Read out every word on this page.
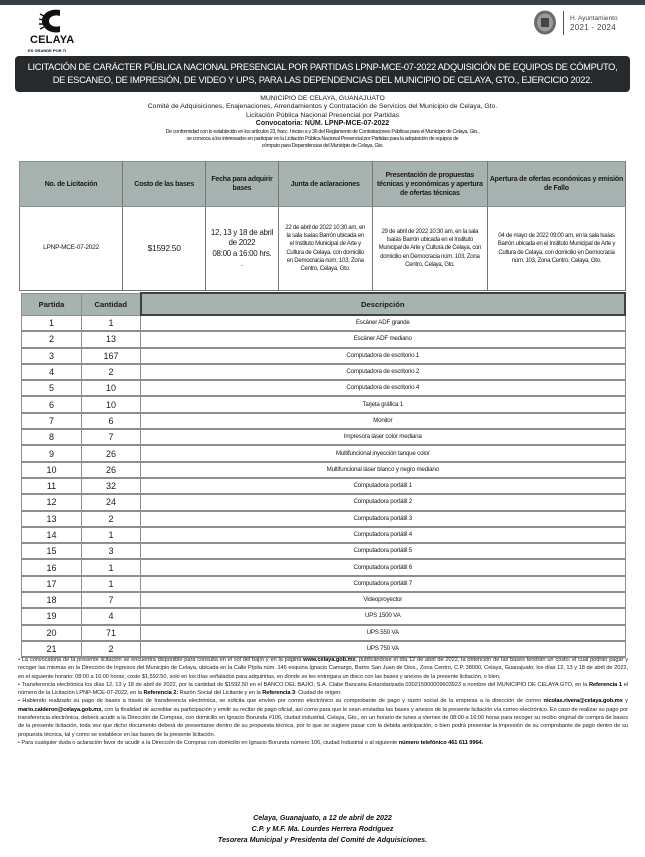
CELAYA
ES GRANDE POR TI
H. Ayuntamiento
2021 - 2024
LICITACIÓN DE CARÁCTER PÚBLICA NACIONAL PRESENCIAL POR PARTIDAS LPNP-MCE-07-2022 ADQUISICIÓN DE EQUIPOS DE CÓMPUTO,
DE ESCANEO, DE IMPRESIÓN, DE VIDEO Y UPS, PARA LAS DEPENDENCIAS DEL MUNICIPIO DE CELAYA, GTO., EJERCICIO 2022.
MUNICIPIO DE CELAYA, GUANAJUATO
Comité de Adquisiciones, Enajenaciones, Arrendamientos y Contratación de Servicios del Municipio de Celaya, Gto.
Licitación Pública Nacional Presencial por Partidas
Convocatoria: NÚM. LPNP-MCE-07-2022
De conformidad con lo establecido en los artículos 23, fracc. I inciso a y 36 del Reglamento de Contrataciones Públicas para el Municipio de Celaya, Gto.,
se convoca a los interesados en participar en la Licitación Pública Nacional Presencial por Partidas para la adquisición de equipos de
cómputo para Dependencias del Municipio de Celaya, Gto.
No. de Licitación	Costo de las bases	Fecha para adquirir bases	Junta de aclaraciones	Presentación de propuestas técnicas y económicas y apertura de ofertas técnicas	Apertura de ofertas económicas y emisión de Fallo
LPNP-MCE-07-2022	$1592.50	12, 13 y 18 de abril
de 2022
08:00 a 16:00 hrs.
.	22 de abril de 2022 10:30 am, en la sala Isaías Barrón ubicada en el Instituto Municipal de Arte y Cultura de Celaya, con domicilio en Democracia núm. 103, Zona Centro, Celaya, Gto.	29 de abril de 2022 10:30 am, en la sala Isaías Barrón ubicada en el Instituto Municipal de Arte y Cultura de Celaya, con domicilio en Democracia núm. 103, Zona Centro, Celaya, Gto.	04 de mayo de 2022 09:00 am, en la sala Isaías Barrón ubicada en el Instituto Municipal de Arte y Cultura de Celaya, con domicilio en Democracia núm. 103, Zona Centro, Celaya, Gto.
Partida	Cantidad	Descripción
1	1	Escáner ADF grande
2	13	Escáner ADF mediano
3	167	Computadora de escritorio 1
4	2	Computadora de escritorio 2
5	10	Computadora de escritorio 4
6	10	Tarjeta gráfica 1
7	6	Monitor
8	7	Impresora láser color mediana
9	26	Multifuncional inyección tanque color
10	26	Multifuncional láser blanco y negro mediano
11	32	Computadora portátil 1
12	24	Computadora portátil 2
13	2	Computadora portátil 3
14	1	Computadora portátil 4
15	3	Computadora portátil 5
16	1	Computadora portátil 6
17	1	Computadora portátil 7
18	7	Videoproyector
19	4	UPS 1500 VA
20	71	UPS 550 VA
21	2	UPS 750 VA

• La convocatoria de la presente licitación se encuentra disponible para consulta en el sol del bajío y en la página www.celaya.gob.mx, publicándose el día 12 de abril de 2022, la obtención de las bases tendrán un costo; el cual podrán pagar y recoger las mismas en la Dirección de Ingresos del Municipio de Celaya, ubicada en la Calle Pípila núm. 146 esquina Ignacio Camargo, Barrio San Juan de Dios,, Zona Centro, C.P. 38000, Celaya, Guanajuato; los días 12, 13 y 18 de abril de 2022, en el siguiente horario: 08:00 a 16:00 horas; costo $1,592.50, solo en los días señalados para adquirirlas, en donde se les entregara un disco con las bases y anexos de la presente licitación, o bien,

• Transferencia electrónica los días 12, 13 y 18 de abril de 2022, por la cantidad de $1592.50 en el BANCO DEL BAJIO, S.A. Clabe Bancaria Estandarizada 030215900009603923 a nombre del MUNICIPIO DE CELAYA GTO, en la Referencia 1 el número de la Licitación LPNP-MCE-07-2022, en la Referencia 2: Razón Social del Licitante y en la Referencia 3: Ciudad de origen.

• Habiendo realizado su pago de bases a través de transferencia electrónica, se solicita que envíen por correo electrónico su comprobante de pago y razón social de la empresa a la dirección de correo nicolas.rivera@celaya.gob.mx y mario.calderon@celaya.gob.mx, con la finalidad de acreditar su participación y emitir su recibo de pago oficial, así como para que le sean enviadas las bases y anexos de la presente licitación vía correo electrónico. En caso de realizar su pago por transferencia electrónica, deberá acudir a la Dirección de Compras, con domicilio en Ignacio Borunda #106, ciudad industrial, Celaya, Gto., en un horario de lunes a viernes de 08:00 a 16:00 horas para recoger su recibo original de compra de bases de la presente licitación, toda vez que dicho documento deberá de presentarse dentro de su propuesta técnica, por lo que se sugiere pasar con la debida anticipación, o bien podrá presentar la impresión de su comprobante de pago dentro de su propuesta técnica, tal y como se establece en las bases de la presente licitación.

• Para cualquier duda o aclaración favor de acudir a la Dirección de Compras con domicilio en Ignacio Borunda número 106, ciudad Industrial o al siguiente número telefónico 461 611 9964.

Celaya, Guanajuato, a 12 de abril de 2022
C.P. y M.F. Ma. Lourdes Herrera Rodríguez
Tesorera Municipal y Presidenta del Comité de Adquisiciones.
